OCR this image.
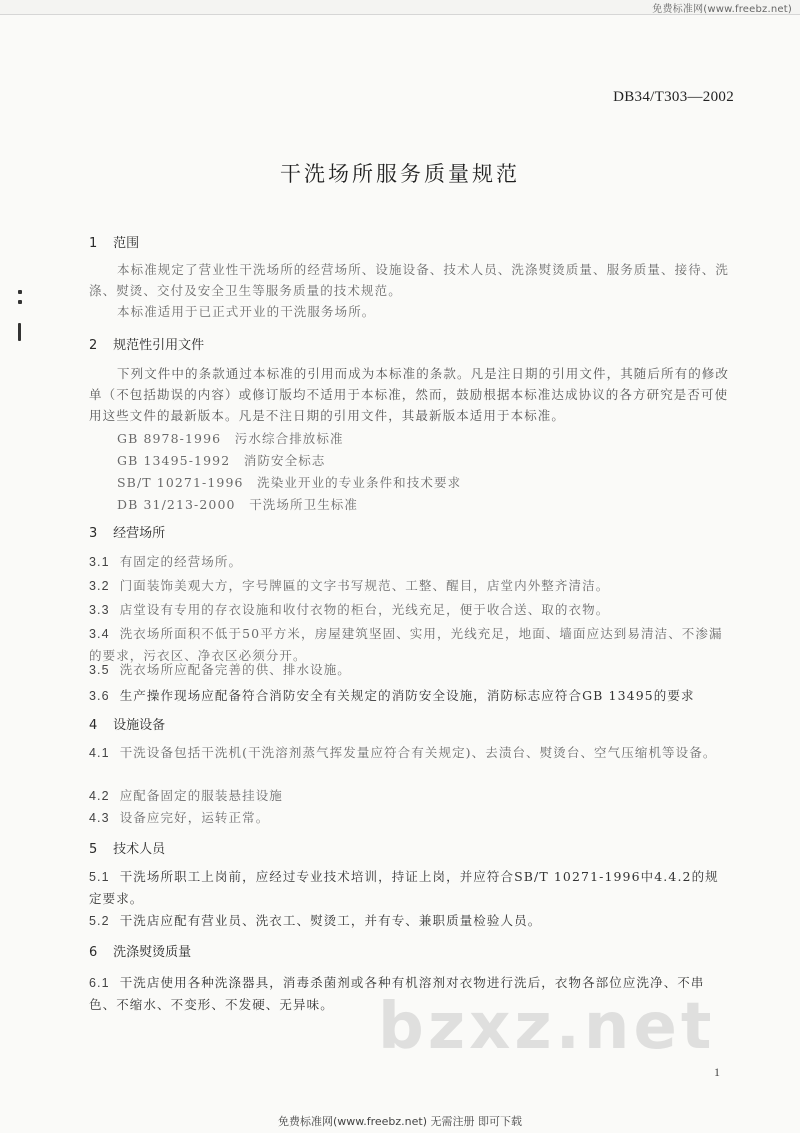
免费标准网(www.freebz.net)
DB34/T303—2002
干洗场所服务质量规范
1 范围
本标准规定了营业性干洗场所的经营场所、设施设备、技术人员、洗涤熨烫质量、服务质量、接待、洗涤、熨烫、交付及安全卫生等服务质量的技术规范。
本标准适用于已正式开业的干洗服务场所。
2 规范性引用文件
下列文件中的条款通过本标准的引用而成为本标准的条款。凡是注日期的引用文件，其随后所有的修改单（不包括勘误的内容）或修订版均不适用于本标准，然而，鼓励根据本标准达成协议的各方研究是否可使用这些文件的最新版本。凡是不注日期的引用文件，其最新版本适用于本标准。
GB 8978-1996　污水综合排放标准
GB 13495-1992　消防安全标志
SB/T 10271-1996　洗染业开业的专业条件和技术要求
DB 31/213-2000　干洗场所卫生标准
3 经营场所
3.1 有固定的经营场所。
3.2 门面装饰美观大方，字号牌匾的文字书写规范、工整、醒目，店堂内外整齐清洁。
3.3 店堂设有专用的存衣设施和收付衣物的柜台，光线充足，便于收合送、取的衣物。
3.4 洗衣场所面积不低于50平方米，房屋建筑坚固、实用，光线充足，地面、墙面应达到易清洁、不渗漏的要求，污衣区、净衣区必须分开。
3.5 洗衣场所应配备完善的供、排水设施。
3.6 生产操作现场应配备符合消防安全有关规定的消防安全设施，消防标志应符合GB 13495的要求
4 设施设备
4.1 干洗设备包括干洗机(干洗溶剂蒸气挥发量应符合有关规定)、去渍台、熨烫台、空气压缩机等设备。
4.2 应配备固定的服装悬挂设施
4.3 设备应完好，运转正常。
5 技术人员
5.1 干洗场所职工上岗前，应经过专业技术培训，持证上岗，并应符合SB/T 10271-1996中4.4.2的规定要求。
5.2 干洗店应配有营业员、洗衣工、熨烫工，并有专、兼职质量检验人员。
6 洗涤熨烫质量
6.1 干洗店使用各种洗涤器具，消毒杀菌剂或各种有机溶剂对衣物进行洗后，衣物各部位应洗净、不串色、不缩水、不变形、不发硬、无异味。 bzxz.net
1
免费标准网(www.freebz.net) 无需注册 即可下载
